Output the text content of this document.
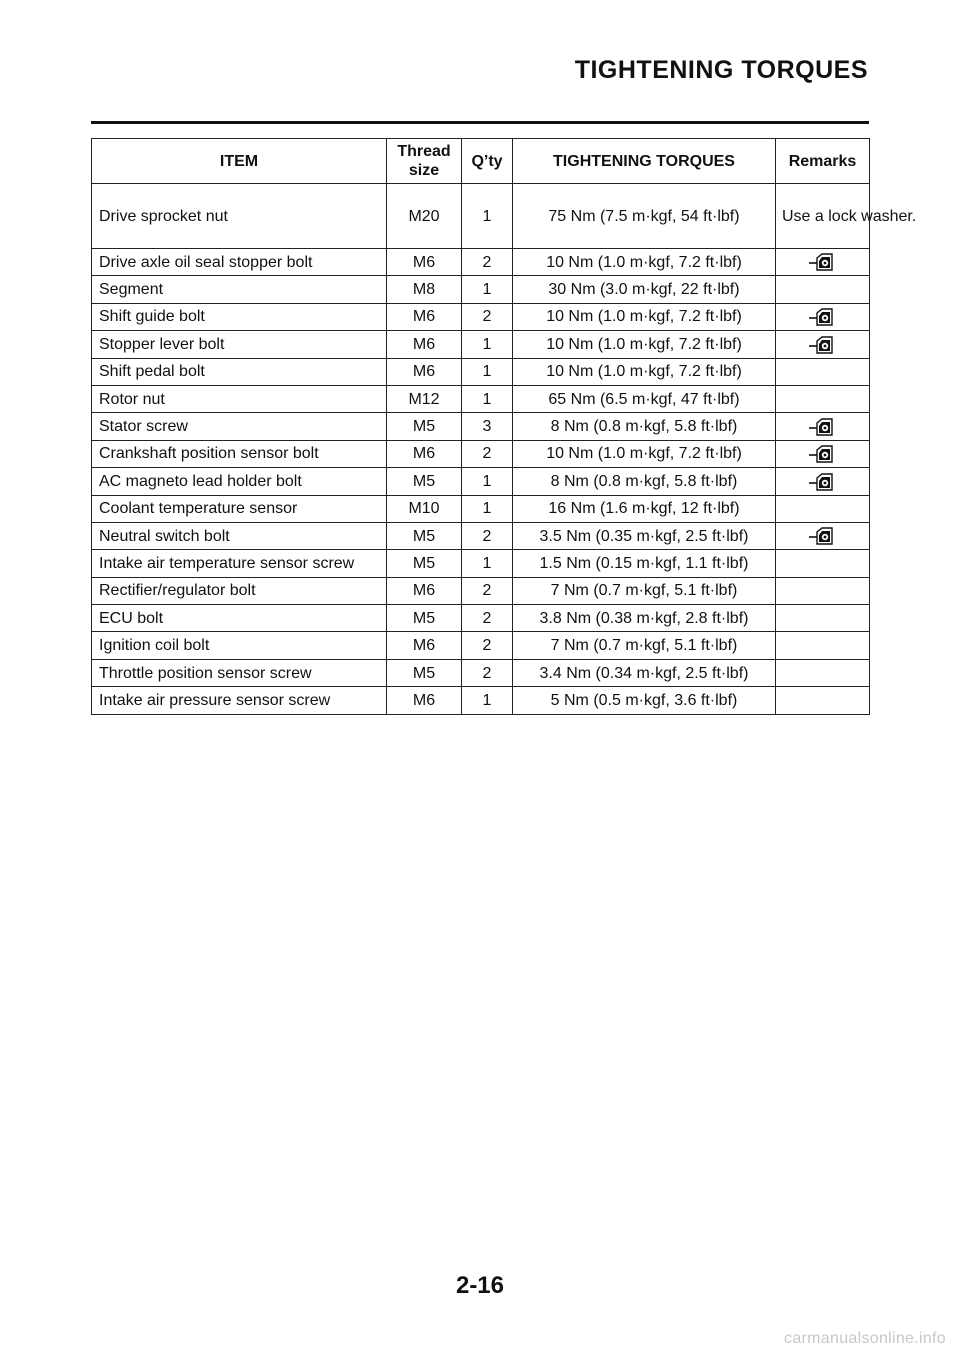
TIGHTENING TORQUES
ITEM	Thread size	Q’ty	TIGHTENING TORQUES	Remarks
Drive sprocket nut	M20	1	75 Nm (7.5 m·kgf, 54 ft·lbf)	Use a lock washer.

Drive axle oil seal stopper bolt	M6	2	10 Nm (1.0 m·kgf, 7.2 ft·lbf)	
Segment	M8	1	30 Nm (3.0 m·kgf, 22 ft·lbf)	
Shift guide bolt	M6	2	10 Nm (1.0 m·kgf, 7.2 ft·lbf)	
Stopper lever bolt	M6	1	10 Nm (1.0 m·kgf, 7.2 ft·lbf)	
Shift pedal bolt	M6	1	10 Nm (1.0 m·kgf, 7.2 ft·lbf)	
Rotor nut	M12	1	65 Nm (6.5 m·kgf, 47 ft·lbf)	
Stator screw	M5	3	8 Nm (0.8 m·kgf, 5.8 ft·lbf)	
Crankshaft position sensor bolt	M6	2	10 Nm (1.0 m·kgf, 7.2 ft·lbf)	
AC magneto lead holder bolt	M5	1	8 Nm (0.8 m·kgf, 5.8 ft·lbf)	
Coolant temperature sensor	M10	1	16 Nm (1.6 m·kgf, 12 ft·lbf)	
Neutral switch bolt	M5	2	3.5 Nm (0.35 m·kgf, 2.5 ft·lbf)	
Intake air temperature sensor screw	M5	1	1.5 Nm (0.15 m·kgf, 1.1 ft·lbf)	
Rectifier/regulator bolt	M6	2	7 Nm (0.7 m·kgf, 5.1 ft·lbf)	
ECU bolt	M5	2	3.8 Nm (0.38 m·kgf, 2.8 ft·lbf)	
Ignition coil bolt	M6	2	7 Nm (0.7 m·kgf, 5.1 ft·lbf)	
Throttle position sensor screw	M5	2	3.4 Nm (0.34 m·kgf, 2.5 ft·lbf)	
Intake air pressure sensor screw	M6	1	5 Nm (0.5 m·kgf, 3.6 ft·lbf)	
2-16
carmanualsonline.info
